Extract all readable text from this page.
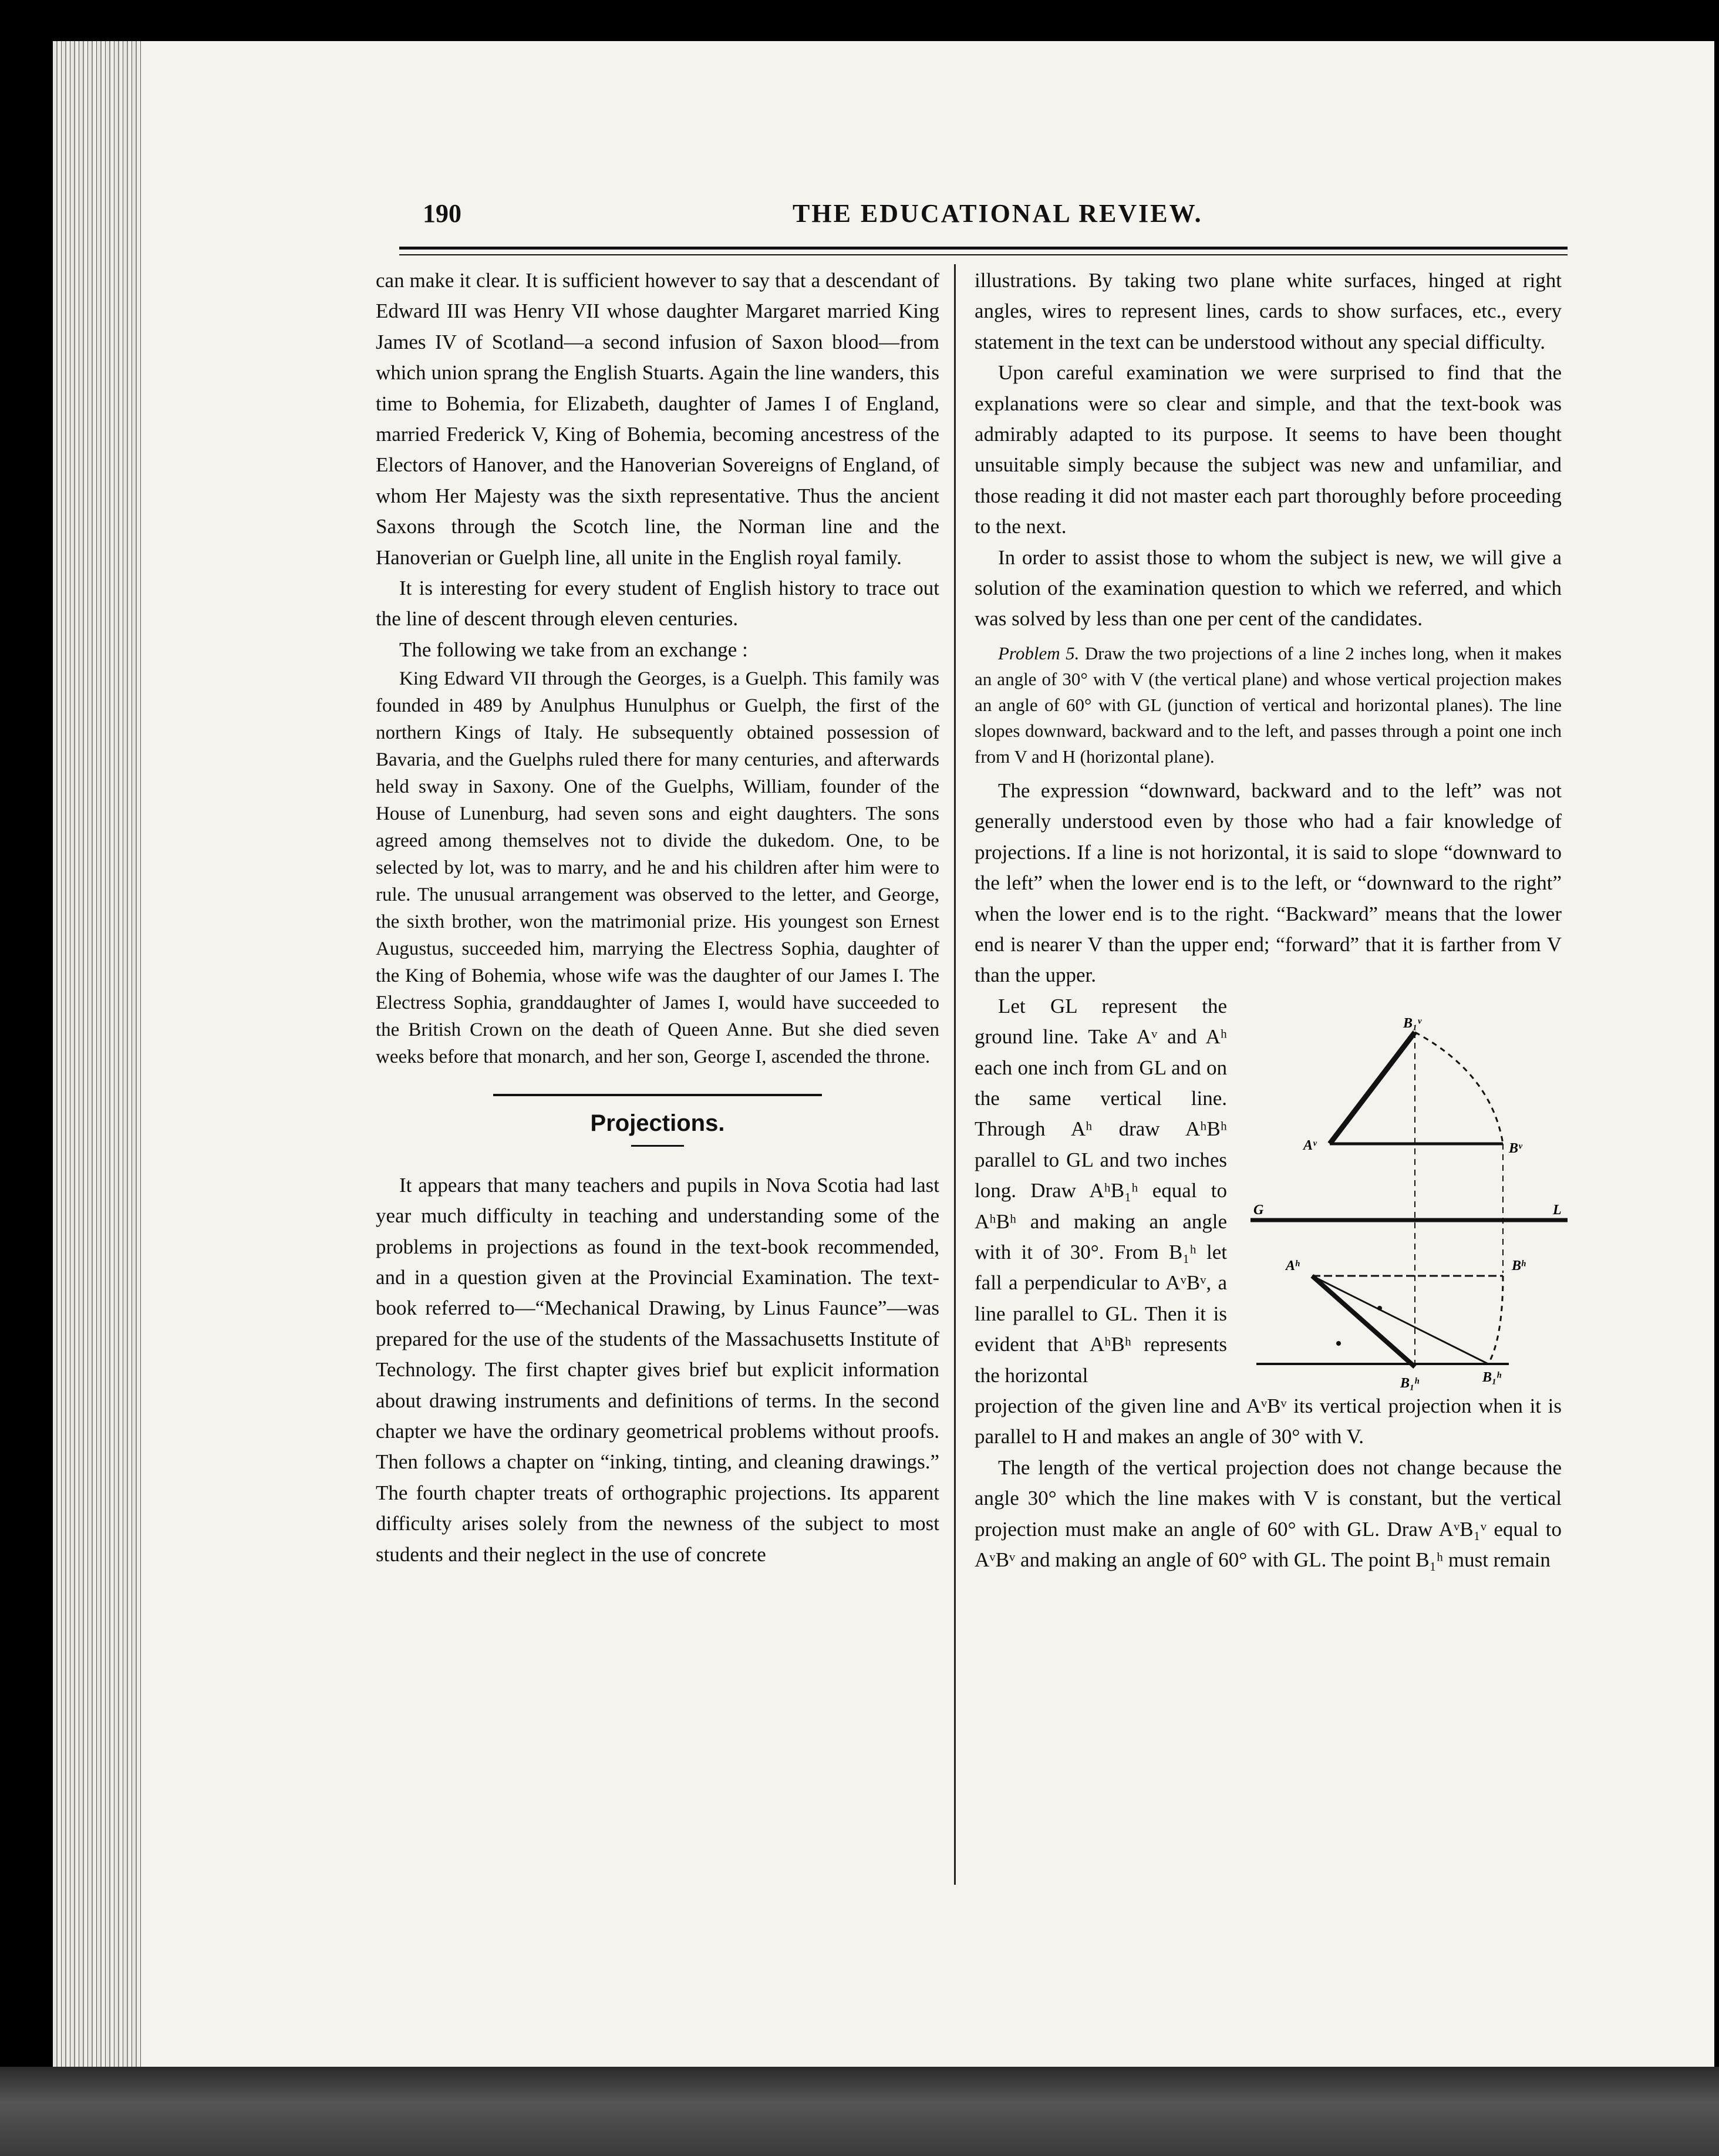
190	THE EDUCATIONAL REVIEW.

can make it clear. It is sufficient however to say that a descendant of Edward III was Henry VII whose daughter Margaret married King James IV of Scotland—a second infusion of Saxon blood—from which union sprang the English Stuarts. Again the line wanders, this time to Bohemia, for Elizabeth, daughter of James I of England, married Frederick V, King of Bohemia, becoming ancestress of the Electors of Hanover, and the Hanoverian Sovereigns of England, of whom Her Majesty was the sixth representative. Thus the ancient Saxons through the Scotch line, the Norman line and the Hanoverian or Guelph line, all unite in the English royal family.

It is interesting for every student of English history to trace out the line of descent through eleven centuries.

The following we take from an exchange :

King Edward VII through the Georges, is a Guelph. This family was founded in 489 by Anulphus Hunulphus or Guelph, the first of the northern Kings of Italy. He subsequently obtained possession of Bavaria, and the Guelphs ruled there for many centuries, and afterwards held sway in Saxony. One of the Guelphs, William, founder of the House of Lunenburg, had seven sons and eight daughters. The sons agreed among themselves not to divide the dukedom. One, to be selected by lot, was to marry, and he and his children after him were to rule. The unusual arrangement was observed to the letter, and George, the sixth brother, won the matrimonial prize. His youngest son Ernest Augustus, succeeded him, marrying the Electress Sophia, daughter of the King of Bohemia, whose wife was the daughter of our James I. The Electress Sophia, granddaughter of James I, would have succeeded to the British Crown on the death of Queen Anne. But she died seven weeks before that monarch, and her son, George I, ascended the throne.

Projections.

It appears that many teachers and pupils in Nova Scotia had last year much difficulty in teaching and understanding some of the problems in projections as found in the text-book recommended, and in a question given at the Provincial Examination. The text-book referred to—“Mechanical Drawing, by Linus Faunce”—was prepared for the use of the students of the Massachusetts Institute of Technology. The first chapter gives brief but explicit information about drawing instruments and definitions of terms. In the second chapter we have the ordinary geometrical problems without proofs. Then follows a chapter on “inking, tinting, and cleaning drawings.” The fourth chapter treats of orthographic projections. Its apparent difficulty arises solely from the newness of the subject to most students and their neglect in the use of concrete

illustrations. By taking two plane white surfaces, hinged at right angles, wires to represent lines, cards to show surfaces, etc., every statement in the text can be understood without any special difficulty.

Upon careful examination we were surprised to find that the explanations were so clear and simple, and that the text-book was admirably adapted to its purpose. It seems to have been thought unsuitable simply because the subject was new and unfamiliar, and those reading it did not master each part thoroughly before proceeding to the next.

In order to assist those to whom the subject is new, we will give a solution of the examination question to which we referred, and which was solved by less than one per cent of the candidates.

Problem 5. Draw the two projections of a line 2 inches long, when it makes an angle of 30° with V (the vertical plane) and whose vertical projection makes an angle of 60° with GL (junction of vertical and horizontal planes). The line slopes downward, backward and to the left, and passes through a point one inch from V and H (horizontal plane).

The expression “downward, backward and to the left” was not generally understood even by those who had a fair knowledge of projections. If a line is not horizontal, it is said to slope “downward to the left” when the lower end is to the left, or “downward to the right” when the lower end is to the right. “Backward” means that the lower end is nearer V than the upper end; “forward” that it is farther from V than the upper.

Let GL represent the ground line. Take Aᵛ and Aʰ each one inch from GL and on the same vertical line. Through Aʰ draw AʰBʰ parallel to GL and two inches long. Draw AʰB₁ʰ equal to AʰBʰ and making an angle with it of 30°. From B₁ʰ let fall a perpendicular to AᵛBᵛ, a line parallel to GL. Then it is evident that AʰBʰ represents the horizontal

B₁ᵛ
Aᵛ	Bᵛ
G	L
Aʰ	Bʰ
B₁ʰ	B₁ʰ

projection of the given line and AᵛBᵛ its vertical projection when it is parallel to H and makes an angle of 30° with V.

The length of the vertical projection does not change because the angle 30° which the line makes with V is constant, but the vertical projection must make an angle of 60° with GL. Draw AᵛB₁ᵛ equal to AᵛBᵛ and making an angle of 60° with GL. The point B₁ʰ must remain
